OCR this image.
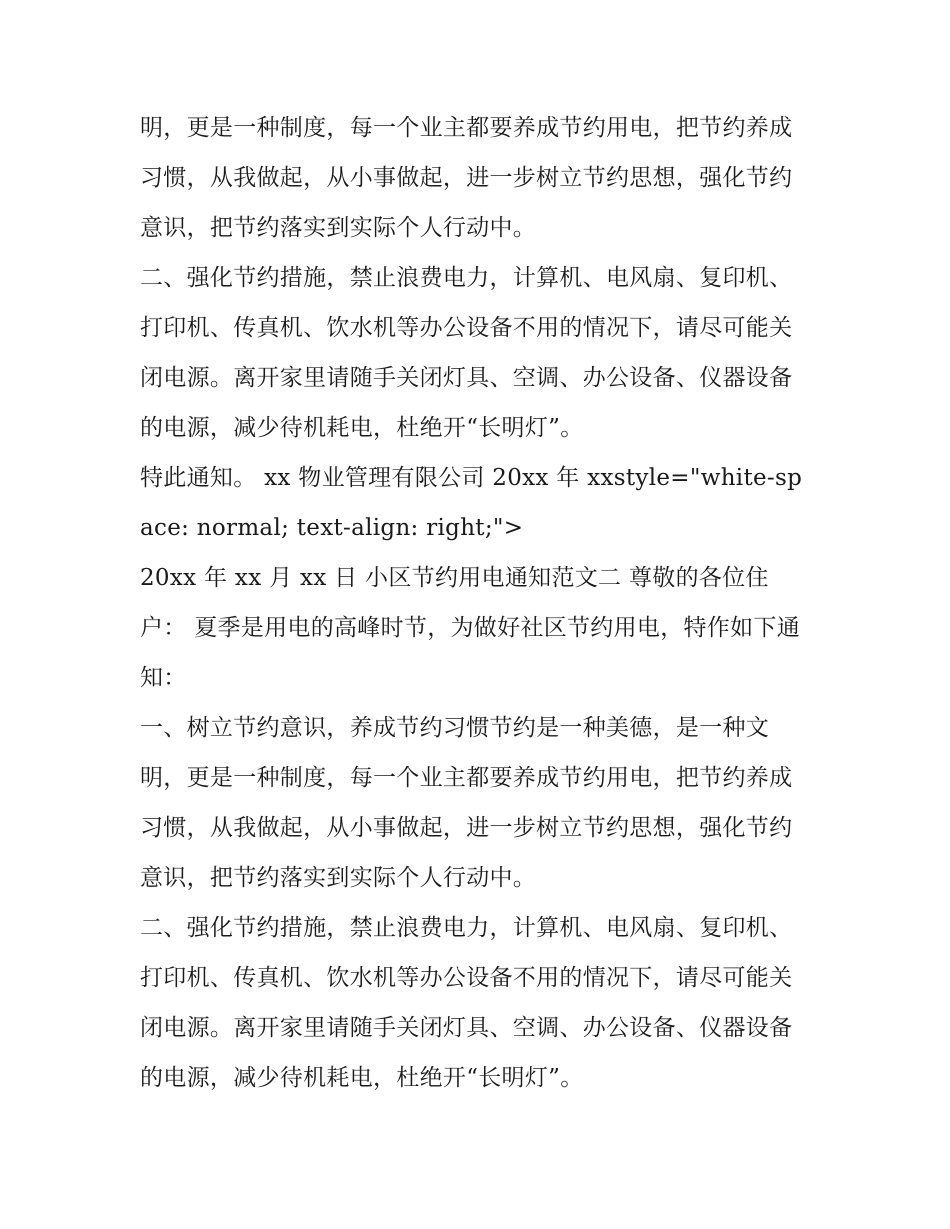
明，更是一种制度，每一个业主都要养成节约用电，把节约养成习惯，从我做起，从小事做起，进一步树立节约思想，强化节约意识，把节约落实到实际个人行动中。

二、强化节约措施，禁止浪费电力，计算机、电风扇、复印机、打印机、传真机、饮水机等办公设备不用的情况下，请尽可能关闭电源。离开家里请随手关闭灯具、空调、办公设备、仪器设备的电源，减少待机耗电，杜绝开“长明灯”。

特此通知。 xx 物业管理有限公司 20xx 年 xxstyle="white-space: normal; text-align: right;">

20xx 年 xx 月 xx 日 小区节约用电通知范文二 尊敬的各位住户： 夏季是用电的高峰时节，为做好社区节约用电，特作如下通知：

一、树立节约意识，养成节约习惯节约是一种美德，是一种文明，更是一种制度，每一个业主都要养成节约用电，把节约养成习惯，从我做起，从小事做起，进一步树立节约思想，强化节约意识，把节约落实到实际个人行动中。

二、强化节约措施，禁止浪费电力，计算机、电风扇、复印机、打印机、传真机、饮水机等办公设备不用的情况下，请尽可能关闭电源。离开家里请随手关闭灯具、空调、办公设备、仪器设备的电源，减少待机耗电，杜绝开“长明灯”。
